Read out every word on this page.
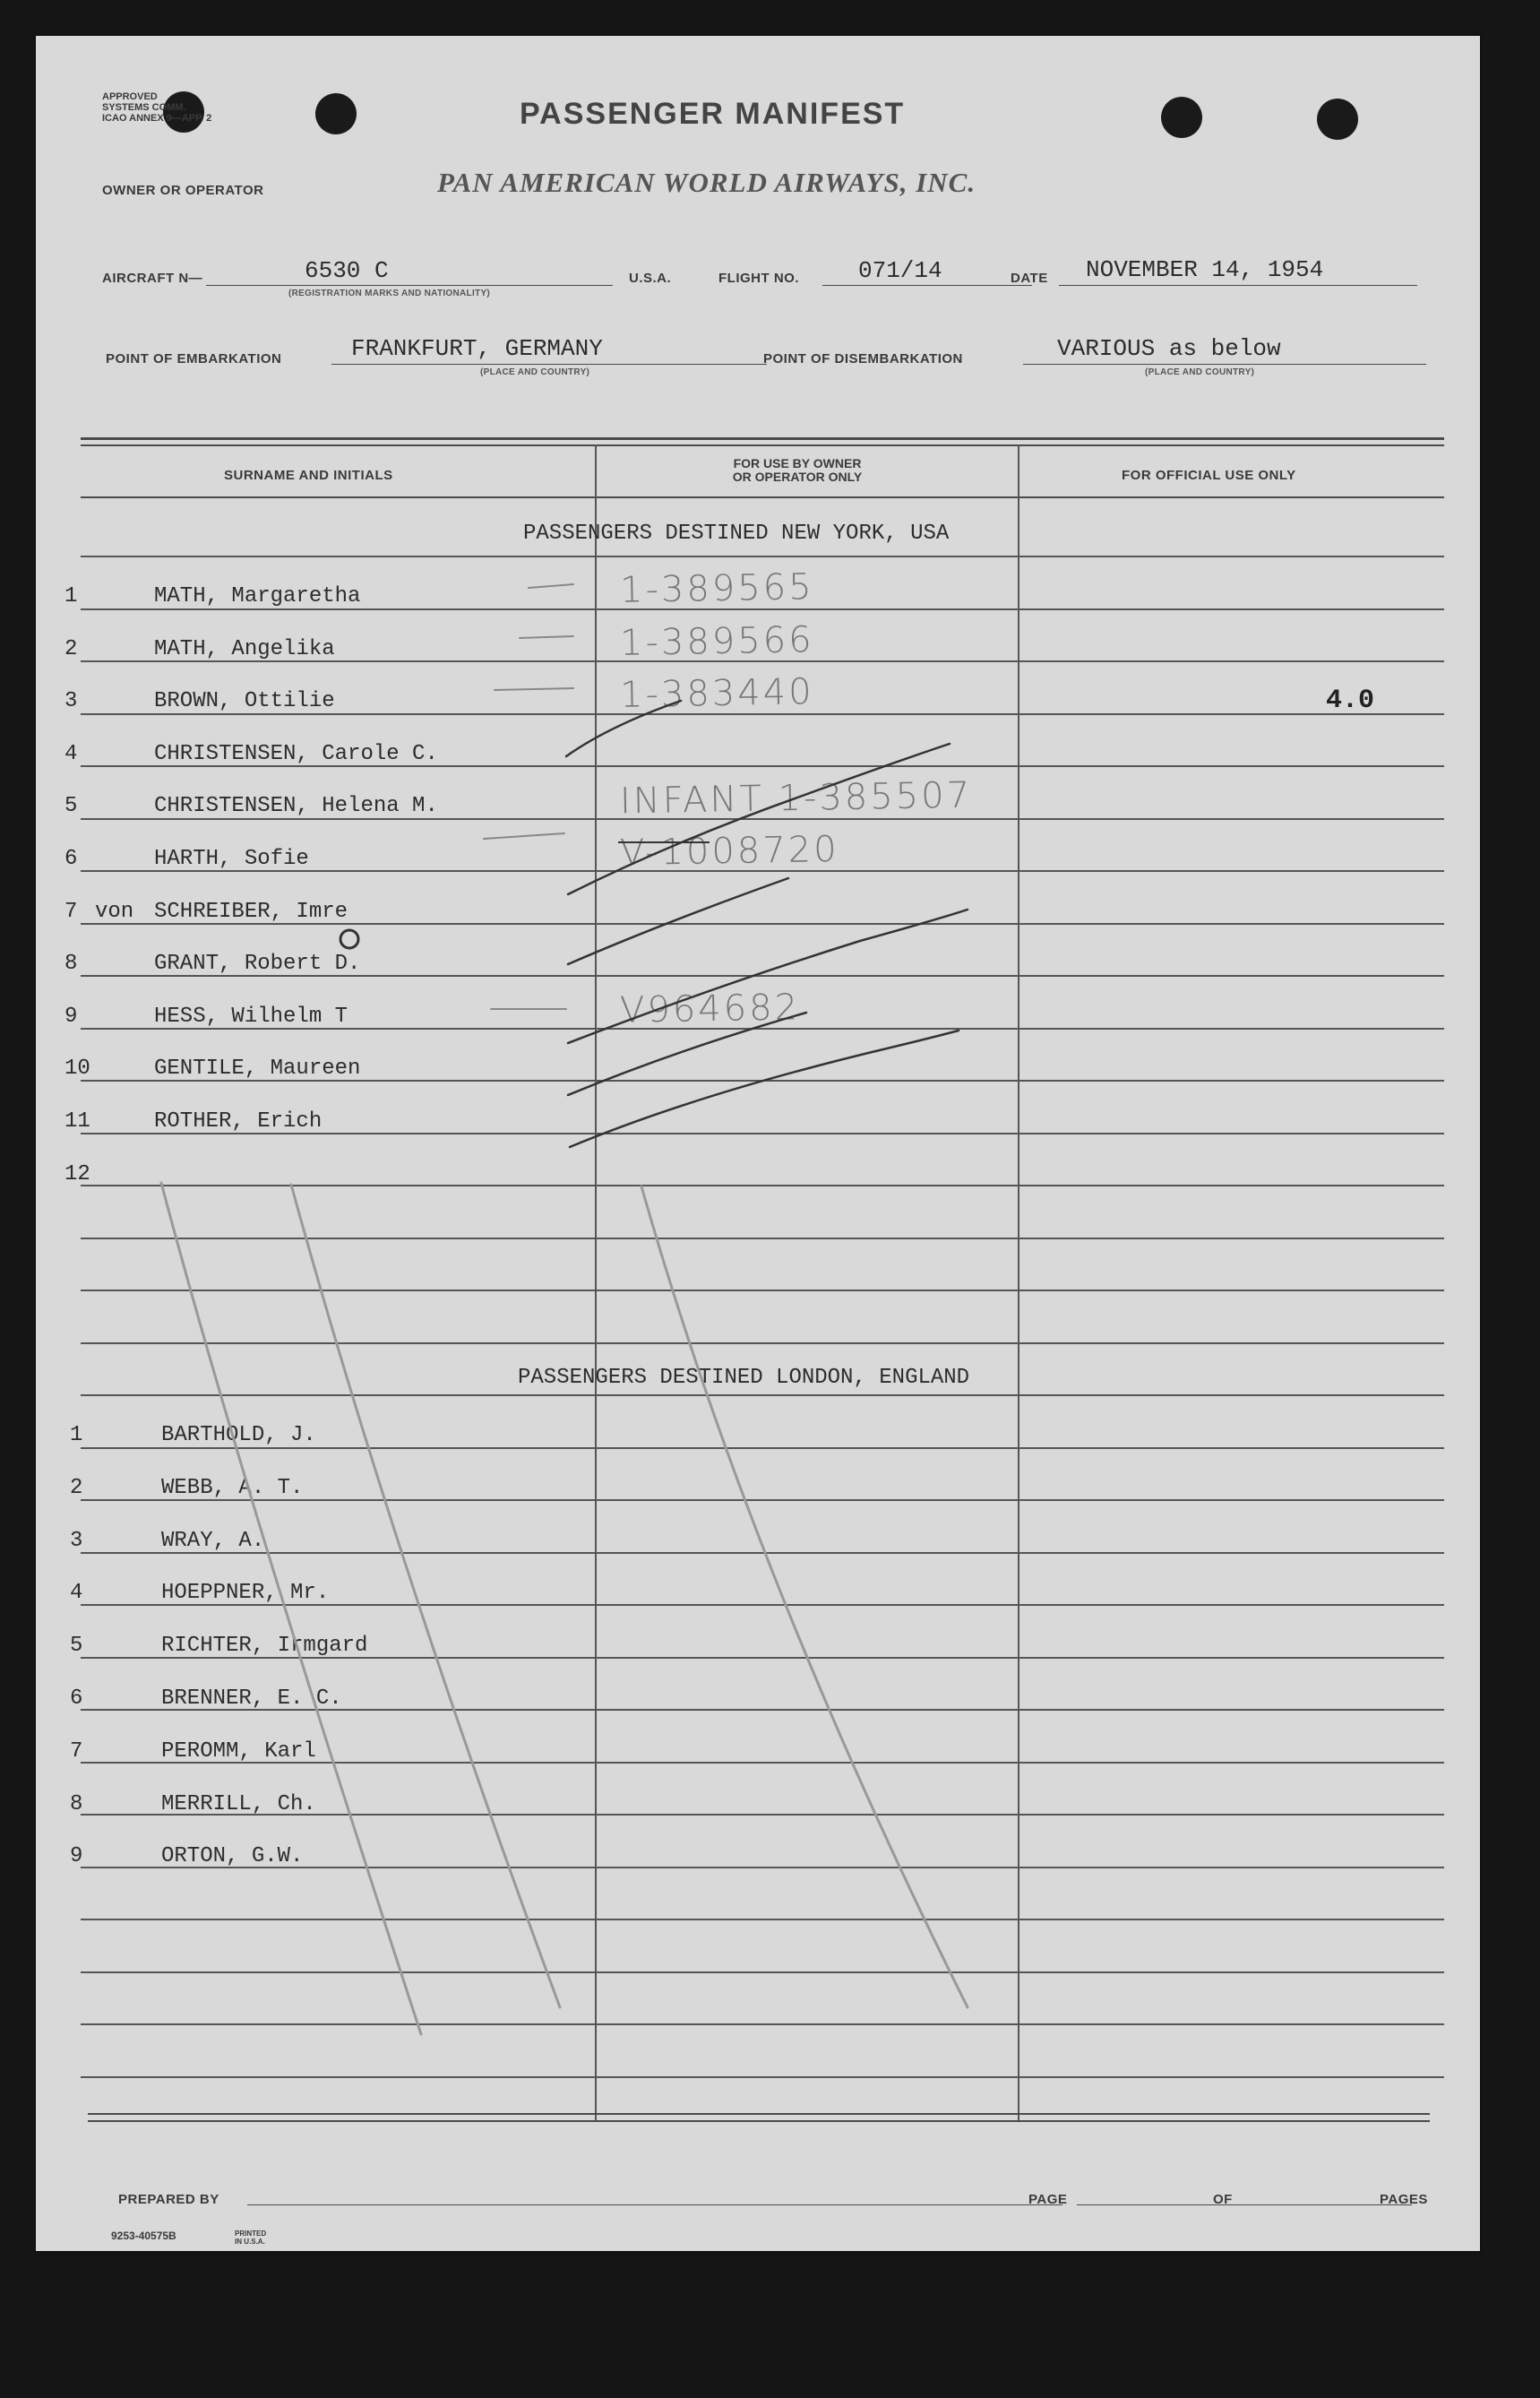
APPROVED
SYSTEMS COMM.
ICAO ANNEX 9—APP. 2	PASSENGER MANIFEST
PAN AMERICAN WORLD AIRWAYS, INC.
OWNER OR OPERATOR
AIRCRAFT N—	6530 C
(REGISTRATION MARKS AND NATIONALITY)
U.S.A.	FLIGHT NO.	071/14	DATE NOVEMBER 14, 1954
POINT OF EMBARKATION	FRANKFURT, GERMANY
(PLACE AND COUNTRY)
POINT OF DISEMBARKATION	VARIOUS as below
(PLACE AND COUNTRY)
SURNAME AND INITIALS
FOR USE BY OWNER
OR OPERATOR ONLY	FOR OFFICIAL USE ONLY
PASSENGERS DESTINED NEW YORK, USA
1	MATH, Margaretha	1-389565
2	MATH, Angelika	1-389566
3	BROWN, Ottilie	1-383440	4.0
4	CHRISTENSEN, Carole C.
5	CHRISTENSEN, Helena M.	INFANT 1-385507
6	HARTH, Sofie	V-1008720
7 von SCHREIBER, Imre
8	GRANT, Robert D.
9	HESS, Wilhelm T	V964682
10	GENTILE, Maureen
11	ROTHER, Erich
12
PASSENGERS DESTINED LONDON, ENGLAND
1	BARTHOLD, J.
2	WEBB, A. T.
3	WRAY, A.
4	HOEPPNER, Mr.
5	RICHTER, Irmgard
6	BRENNER, E. C.
7	PEROMM, Karl
8	MERRILL, Ch.
9	ORTON, G.W.
PREPARED BY	PAGE	OF	PAGES
9253-40575B	PRINTED IN U.S.A.
